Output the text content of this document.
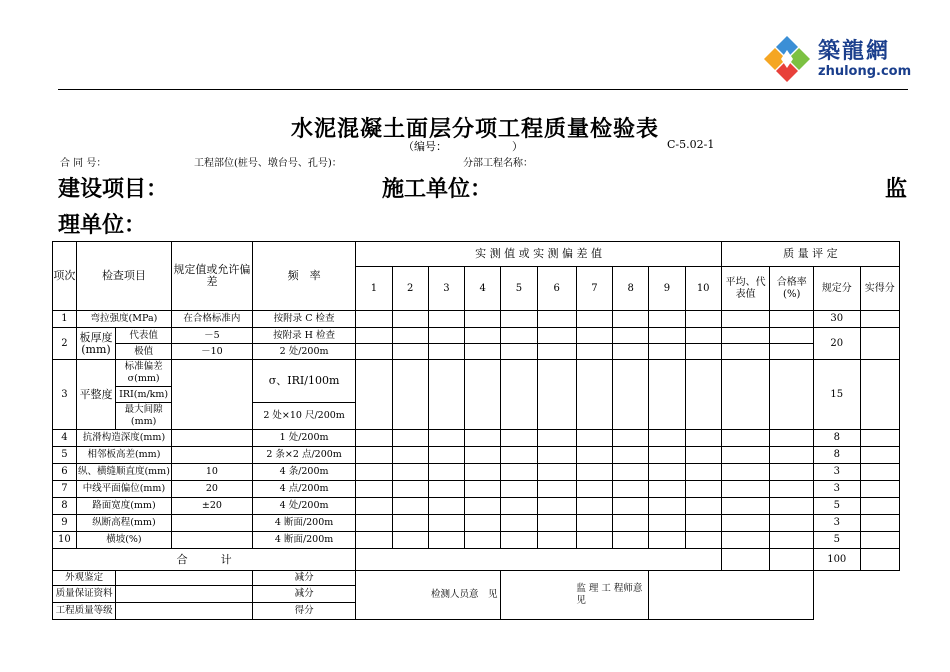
築龍網
zhulong.com
水泥混凝土面层分项工程质量检验表
（编号：	）	C-5.02-1
合 同 号：	工程部位(桩号、墩台号、孔号)：	分部工程名称：
建设项目：	施工单位：	监
理单位：
项次	检查项目		规定值或允许偏差	频　率	实 测 值 或 实 测 偏 差 值										质 量 评 定			
					1	2	3	4	5	6	7	8	9	10	平均、代表值	合格率(%)	规定分	实得分
1	弯拉强度(MPa)		在合格标准内	按附录 C 检查													30	
2	板厚度(mm)	代表值	－5	按附录 H 检查													20	
		极值	－10	2 处/200m														
3	平整度	标准偏差σ(mm)		σ、IRI/100m													15	
		IRI(m/km)																
		最大间隙(mm)		2 处×10 尺/200m														
4	抗滑构造深度(mm)			1 处/200m													8	
5	相邻板高差(mm)			2 条×2 点/200m													8	
6	纵、横缝顺直度(mm)		10	4 条/200m													3	
7	中线平面偏位(mm)		20	4 点/200m													3	
8	路面宽度(mm)		±20	4 处/200m													5	
9	纵断高程(mm)			4 断面/200m													3	
10	横坡(%)			4 断面/200m													5	
合　　　计																	100	
外观鉴定				减分			检测人员意　见				监 理 工 程师意见							
质量保证资料				减分														
工程质量等级				得分														
